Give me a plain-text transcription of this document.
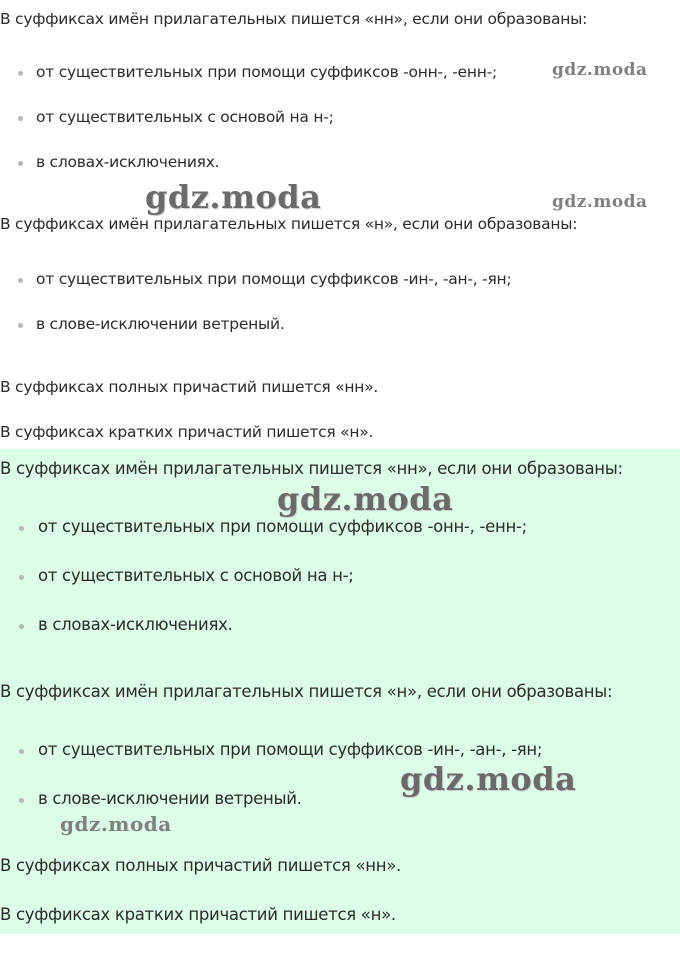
В суффиксах имён прилагательных пишется «нн», если они образованы:

от существительных при помощи суффиксов -онн-, -енн-;

от существительных с основой на н-;

в словах-исключениях.

В суффиксах имён прилагательных пишется «н», если они образованы:

от существительных при помощи суффиксов -ин-, -ан-, -ян;

в слове-исключении ветреный.

В суффиксах полных причастий пишется «нн».

В суффиксах кратких причастий пишется «н».

В суффиксах имён прилагательных пишется «нн», если они образованы:

от существительных при помощи суффиксов -онн-, -енн-;

от существительных с основой на н-;

в словах-исключениях.

В суффиксах имён прилагательных пишется «н», если они образованы:

от существительных при помощи суффиксов -ин-, -ан-, -ян;

в слове-исключении ветреный.

В суффиксах полных причастий пишется «нн».

В суффиксах кратких причастий пишется «н».

gdz.moda
gdz.moda	gdz.moda
gdz.moda
gdz.moda
gdz.moda
